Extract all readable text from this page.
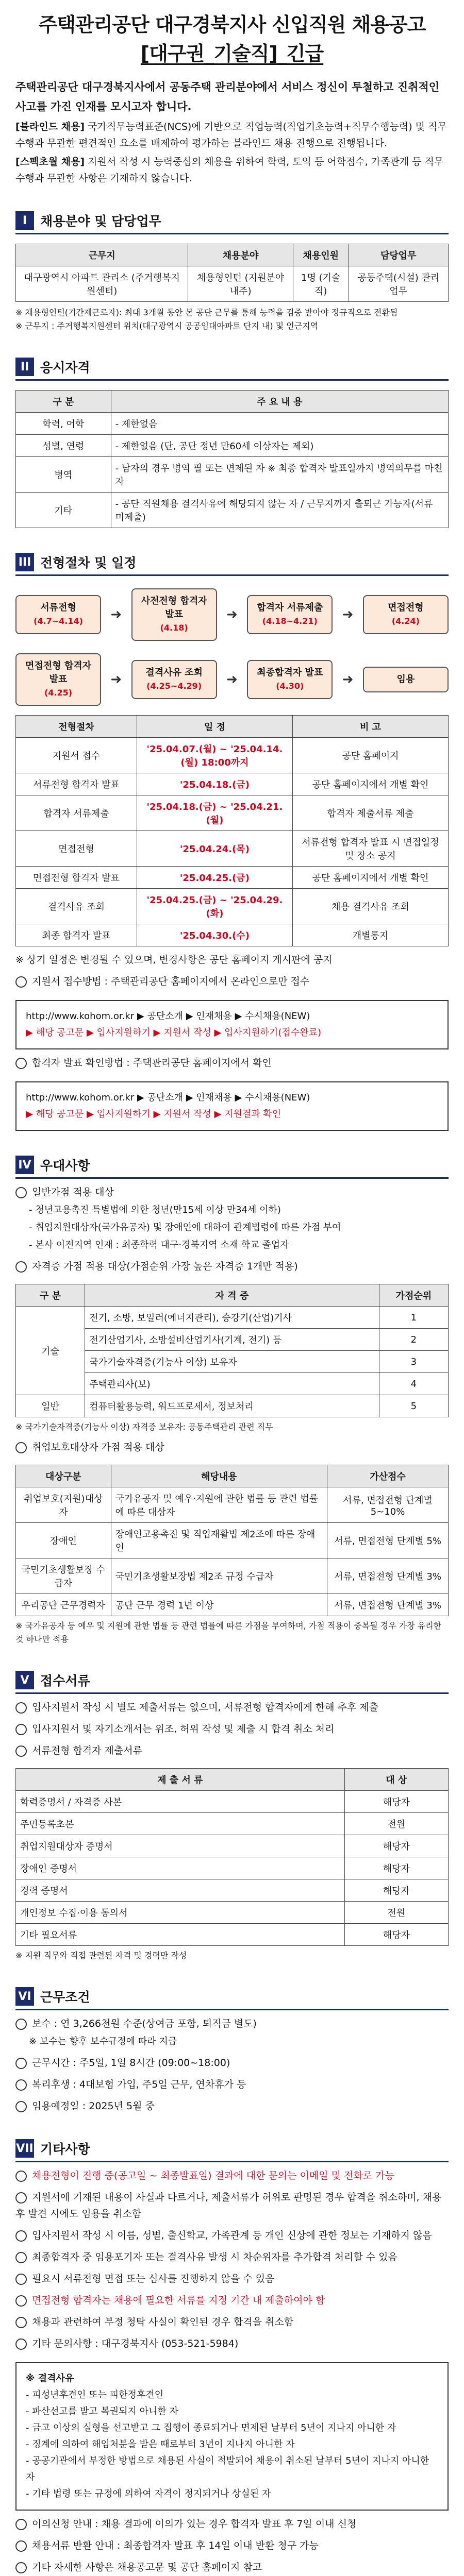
주택관리공단 대구경북지사 신입직원 채용공고
[대구권_기술직]_긴급
주택관리공단 대구경북지사에서 공동주택 관리분야에서 서비스 정신이 투철하고 진취적인 사고를 가진 인재를 모시고자 합니다.
[블라인드 채용] 국가직무능력표준(NCS)에 기반으로 직업능력(직업기초능력+직무수행능력) 및 직무수행과 무관한 편견적인 요소를 배제하여 평가하는 블라인드 채용 진행으로 진행됩니다.
[스펙초월 채용] 지원서 작성 시 능력중심의 채용을 위하여 학력, 토익 등 어학점수, 가족관계 등 직무수행과 무관한 사항은 기재하지 않습니다.
I	채용분야 및 담당업무
근무지	채용분야	채용인원	담당업무
대구광역시 아파트 관리소 (주거행복지원센터)	채용형인턴 (지원분야내주)	1명 (기술직)	공동주택(시설) 관리 업무
※ 채용형인턴(기간제근로자): 최대 3개월 동안 본 공단 근무를 통해 능력을 검증 받아야 정규직으로 전환됨
※ 근무지 : 주거행복지원센터 위치(대구광역시 공공임대아파트 단지 내) 및 인근지역
II 응시자격
구 분	주 요 내 용
학력, 어학	- 제한없음
성별, 연령	- 제한없음 (단, 공단 정년 만60세 이상자는 제외)
병역	- 남자의 경우 병역 필 또는 면제된 자 ※ 최종 합격자 발표일까지 병역의무를 마친 자
기타	- 공단 직원채용 결격사유에 해당되지 않는 자 / 근무지까지 출퇴근 가능자(서류 미제출)
III 전형절차 및 일정
서류전형
(4.7~4.14)	➜
사전전형 합격자 발표
(4.18)
➜	합격자 서류제출
(4.18~4.21)	➜	면접전형
(4.24)
면접전형 합격자 발표
(4.25)
➜	결격사유 조회
(4.25~4.29)	➜	최종합격자 발표
(4.30)	➜	임용
전형절차	일 정	비 고
지원서 접수	'25.04.07.(월) ~ '25.04.14.(월) 18:00까지	공단 홈페이지
서류전형 합격자 발표	'25.04.18.(금)	공단 홈페이지에서 개별 확인
합격자 서류제출	'25.04.18.(금) ~ '25.04.21.(월)	합격자 제출서류 제출
면접전형	'25.04.24.(목)	서류전형 합격자 발표 시 면접일정 및 장소 공지
면접전형 합격자 발표	'25.04.25.(금)	공단 홈페이지에서 개별 확인
결격사유 조회	'25.04.25.(금) ~ '25.04.29.(화)	채용 결격사유 조회
최종 합격자 발표	'25.04.30.(수)	개별통지
※ 상기 일정은 변경될 수 있으며, 변경사항은 공단 홈페이지 게시판에 공지
지원서 접수방법 : 주택관리공단 홈페이지에서 온라인으로만 접수
http://www.kohom.or.kr ▶ 공단소개 ▶ 인재채용 ▶ 수시채용(NEW)
▶ 해당 공고문 ▶ 입사지원하기 ▶ 지원서 작성 ▶ 입사지원하기(접수완료)
합격자 발표 확인방법 : 주택관리공단 홈페이지에서 확인
http://www.kohom.or.kr ▶ 공단소개 ▶ 인재채용 ▶ 수시채용(NEW)
▶ 해당 공고문 ▶ 입사지원하기 ▶ 지원서 작성 ▶ 지원결과 확인
IV 우대사항
일반가점 적용 대상
- 청년고용촉진 특별법에 의한 청년(만15세 이상 만34세 이하)
- 취업지원대상자(국가유공자) 및 장애인에 대하여 관계법령에 따른 가점 부여
- 본사 이전지역 인재 : 최종학력 대구·경북지역 소재 학교 졸업자
자격증 가점 적용 대상(가점순위 가장 높은 자격증 1개만 적용)
구 분	자 격 증	가점순위
기술	전기, 소방, 보일러(에너지관리), 승강기(산업)기사	1
	전기산업기사, 소방설비산업기사(기계, 전기) 등	2
	국가기술자격증(기능사 이상) 보유자	3
	주택관리사(보)	4
일반	컴퓨터활용능력, 워드프로세서, 정보처리	5
※ 국가기술자격증(기능사 이상) 자격증 보유자: 공동주택관리 관련 직무
취업보호대상자 가점 적용 대상
대상구분	해당내용	가산점수
취업보호(지원)대상자	국가유공자 및 예우·지원에 관한 법률 등 관련 법률에 따른 대상자	서류, 면접전형 단계별 5~10%
장애인	장애인고용촉진 및 직업재활법 제2조에 따른 장애인	서류, 면접전형 단계별 5%
국민기초생활보장 수급자	국민기초생활보장법 제2조 규정 수급자	서류, 면접전형 단계별 3%
우리공단 근무경력자	공단 근무 경력 1년 이상	서류, 면접전형 단계별 3%
※ 국가유공자 등 예우 및 지원에 관한 법률 등 관련 법률에 따른 가점을 부여하며, 가점 적용이 중복될 경우 가장 유리한 것 하나만 적용
V 접수서류
입사지원서 작성 시 별도 제출서류는 없으며, 서류전형 합격자에게 한해 추후 제출
입사지원서 및 자기소개서는 위조, 허위 작성 및 제출 시 합격 취소 처리
서류전형 합격자 제출서류
제 출 서 류	대 상
학력증명서 / 자격증 사본	해당자
주민등록초본	전원
취업지원대상자 증명서	해당자
장애인 증명서	해당자
경력 증명서	해당자
개인정보 수집·이용 동의서	전원
기타 필요서류	해당자
※ 지원 직무와 직접 관련된 자격 및 경력만 작성
VI 근무조건
보수 : 연 3,266천원 수준(상여금 포함, 퇴직금 별도)
※ 보수는 향후 보수규정에 따라 지급
근무시간 : 주5일, 1일 8시간 (09:00~18:00)
복리후생 : 4대보험 가입, 주5일 근무, 연차휴가 등
임용예정일 : 2025년 5월 중
VII 기타사항
채용전형이 진행 중(공고일 ~ 최종발표일) 결과에 대한 문의는 이메일 및 전화로 가능
지원서에 기재된 내용이 사실과 다르거나, 제출서류가 허위로 판명된 경우 합격을 취소하며, 채용 후 발견 시에도 임용을 취소함
입사지원서 작성 시 이름, 성별, 출신학교, 가족관계 등 개인 신상에 관한 정보는 기재하지 않음
최종합격자 중 임용포기자 또는 결격사유 발생 시 차순위자를 추가합격 처리할 수 있음
필요시 서류전형 면접 또는 심사를 진행하지 않을 수 있음
면접전형 합격자는 채용에 필요한 서류를 지정 기간 내 제출하여야 함
채용과 관련하여 부정 청탁 사실이 확인된 경우 합격을 취소함
기타 문의사항 : 대구경북지사 (053-521-5984)
※ 결격사유
- 피성년후견인 또는 피한정후견인
- 파산선고를 받고 복권되지 아니한 자
- 금고 이상의 실형을 선고받고 그 집행이 종료되거나 면제된 날부터 5년이 지나지 아니한 자
- 징계에 의하여 해임처분을 받은 때로부터 3년이 지나지 아니한 자
- 공공기관에서 부정한 방법으로 채용된 사실이 적발되어 채용이 취소된 날부터 5년이 지나지 아니한 자
- 기타 법령 또는 규정에 의하여 자격이 정지되거나 상실된 자
이의신청 안내 : 채용 결과에 이의가 있는 경우 합격자 발표 후 7일 이내 신청
채용서류 반환 안내 : 최종합격자 발표 후 14일 이내 반환 청구 가능
기타 자세한 사항은 채용공고문 및 공단 홈페이지 참고
